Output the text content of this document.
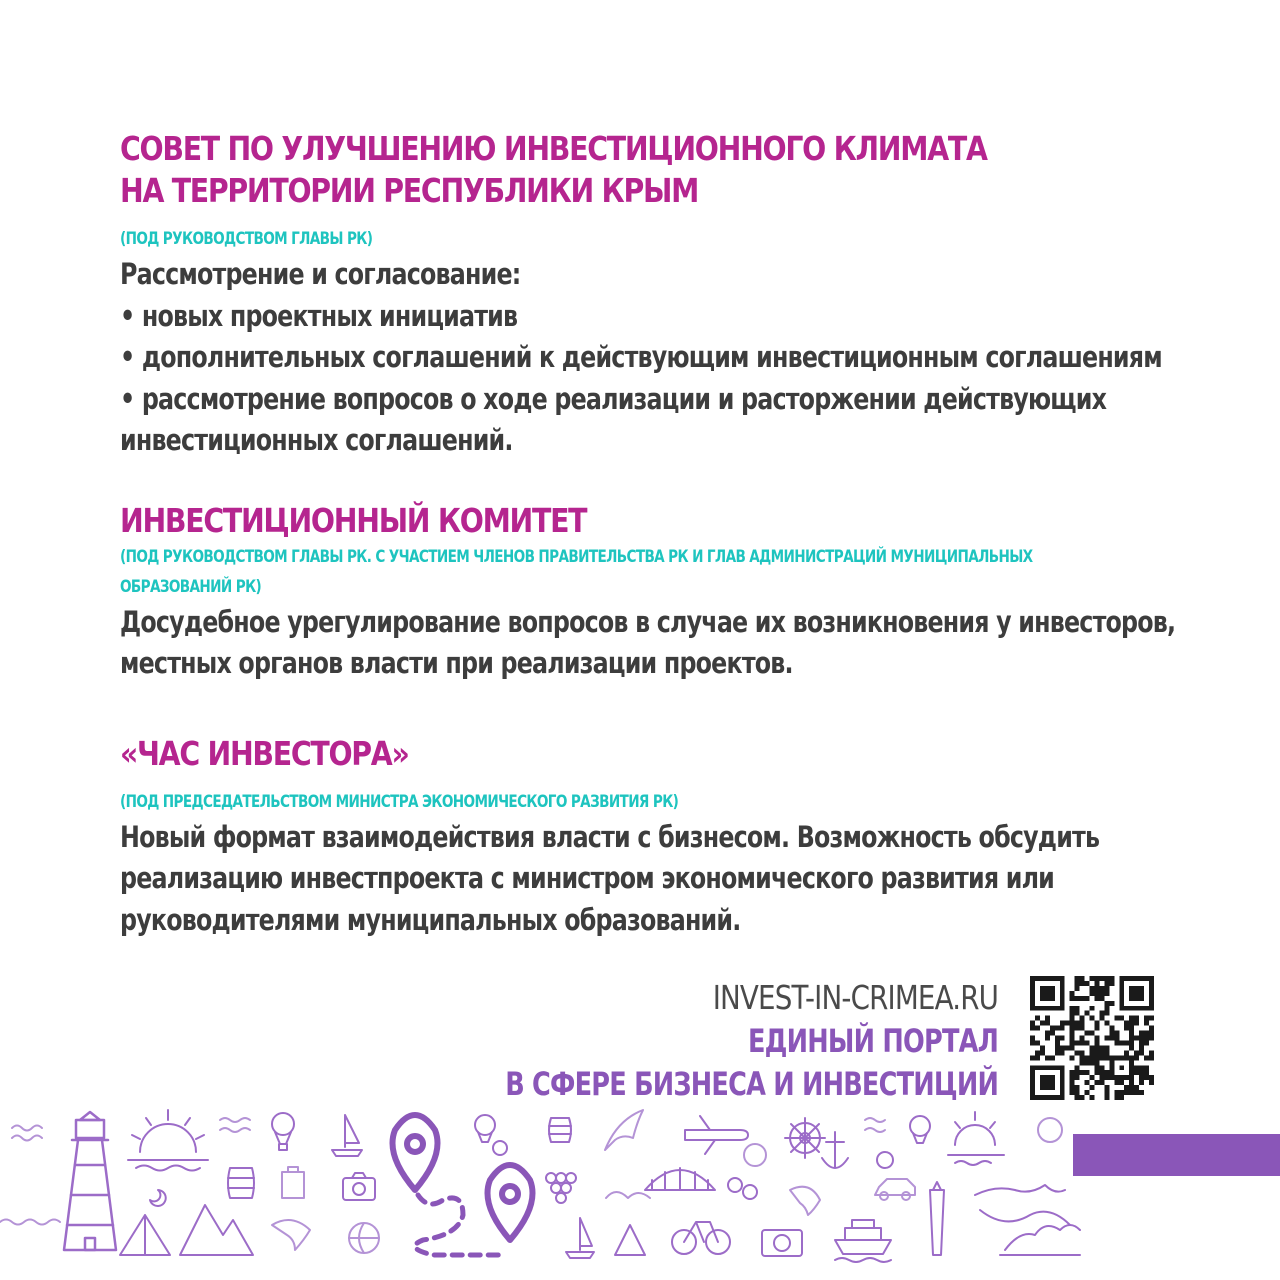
СОВЕТ ПО УЛУЧШЕНИЮ ИНВЕСТИЦИОННОГО КЛИМАТА
НА ТЕРРИТОРИИ РЕСПУБЛИКИ КРЫМ
(ПОД РУКОВОДСТВОМ ГЛАВЫ РК)
Рассмотрение и согласование:
• новых проектных инициатив
• дополнительных соглашений к действующим инвестиционным соглашениям
• рассмотрение вопросов о ходе реализации и расторжении действующих
инвестиционных соглашений.
ИНВЕСТИЦИОННЫЙ КОМИТЕТ
(ПОД РУКОВОДСТВОМ ГЛАВЫ РК. С УЧАСТИЕМ ЧЛЕНОВ ПРАВИТЕЛЬСТВА РК И ГЛАВ АДМИНИСТРАЦИЙ МУНИЦИПАЛЬНЫХ
ОБРАЗОВАНИЙ РК)
Досудебное урегулирование вопросов в случае их возникновения у инвесторов,
местных органов власти при реализации проектов.
«ЧАС ИНВЕСТОРА»
(ПОД ПРЕДСЕДАТЕЛЬСТВОМ МИНИСТРА ЭКОНОМИЧЕСКОГО РАЗВИТИЯ РК)
Новый формат взаимодействия власти с бизнесом. Возможность обсудить
реализацию инвестпроекта с министром экономического развития или
руководителями муниципальных образований.
INVEST-IN-CRIMEA.RU
ЕДИНЫЙ ПОРТАЛ
В СФЕРЕ БИЗНЕСА И ИНВЕСТИЦИЙ
